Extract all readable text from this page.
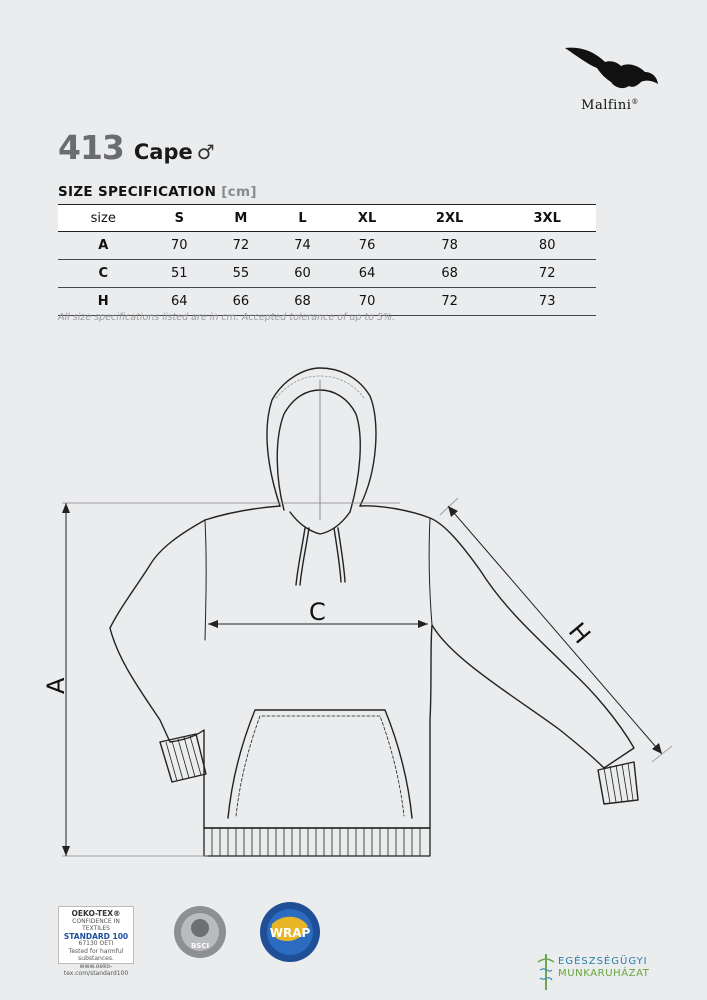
Malfini®
413 Cape ♂
SIZE SPECIFICATION [cm]
size	S	M	L	XL	2XL	3XL
A	70	72	74	76	78	80
C	51	55	60	64	68	72
H	64	66	68	70	72	73
All size specifications listed are in cm. Accepted tolerance of up to 5%.
A
C
H
OEKO-TEX®
CONFIDENCE IN TEXTILES
STANDARD 100
67130 OETI
Tested for harmful substances.
www.oeko-tex.com/standard100
BSCI
WRAP
EGÉSZSÉGÜGYI
MUNKARUHÁZAT
